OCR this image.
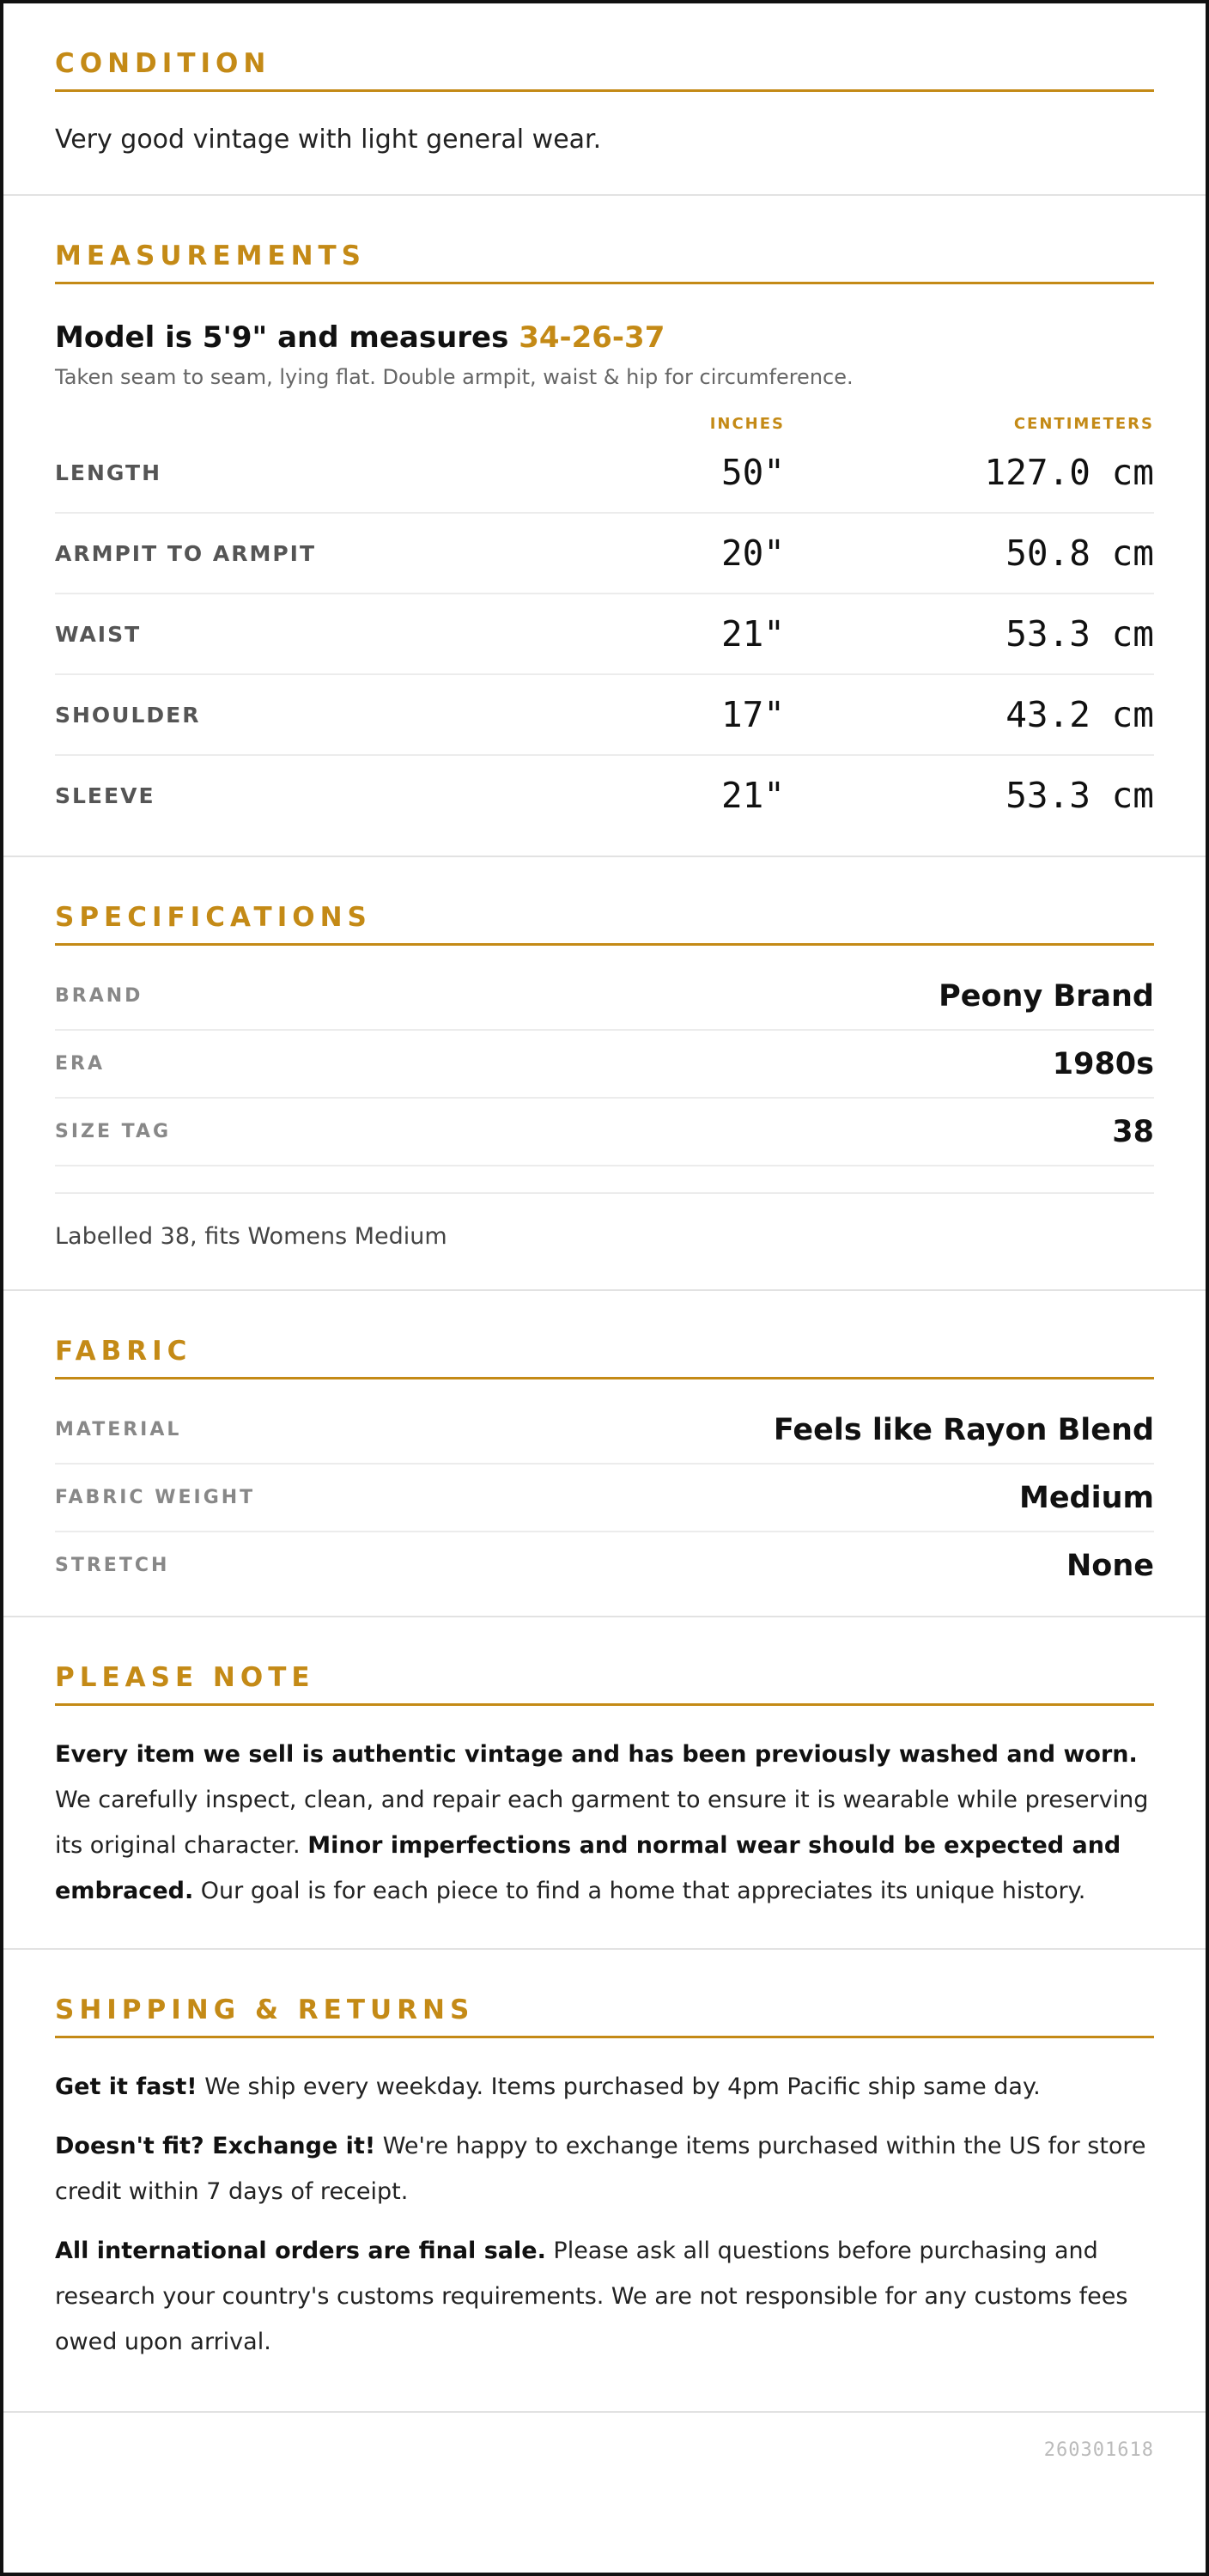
CONDITION

Very good vintage with light general wear.

MEASUREMENTS

Model is 5'9" and measures 34-26-37

Taken seam to seam, lying flat. Double armpit, waist & hip for circumference.

INCHES	CENTIMETERS
LENGTH	50"	127.0 cm
ARMPIT TO ARMPIT	20"	50.8 cm
WAIST	21"	53.3 cm
SHOULDER	17"	43.2 cm
SLEEVE	21"	53.3 cm
SPECIFICATIONS
BRAND	Peony Brand
ERA	1980s
SIZE TAG	38
Labelled 38, fits Womens Medium
FABRIC
MATERIAL	Feels like Rayon Blend
FABRIC WEIGHT	Medium
STRETCH	None
PLEASE NOTE

Every item we sell is authentic vintage and has been previously washed and worn. We carefully inspect, clean, and repair each garment to ensure it is wearable while preserving its original character. Minor imperfections and normal wear should be expected and embraced. Our goal is for each piece to find a home that appreciates its unique history.

SHIPPING & RETURNS

Get it fast! We ship every weekday. Items purchased by 4pm Pacific ship same day.

Doesn't fit? Exchange it! We're happy to exchange items purchased within the US for store credit within 7 days of receipt.

All international orders are final sale. Please ask all questions before purchasing and research your country's customs requirements. We are not responsible for any customs fees owed upon arrival.

260301618
